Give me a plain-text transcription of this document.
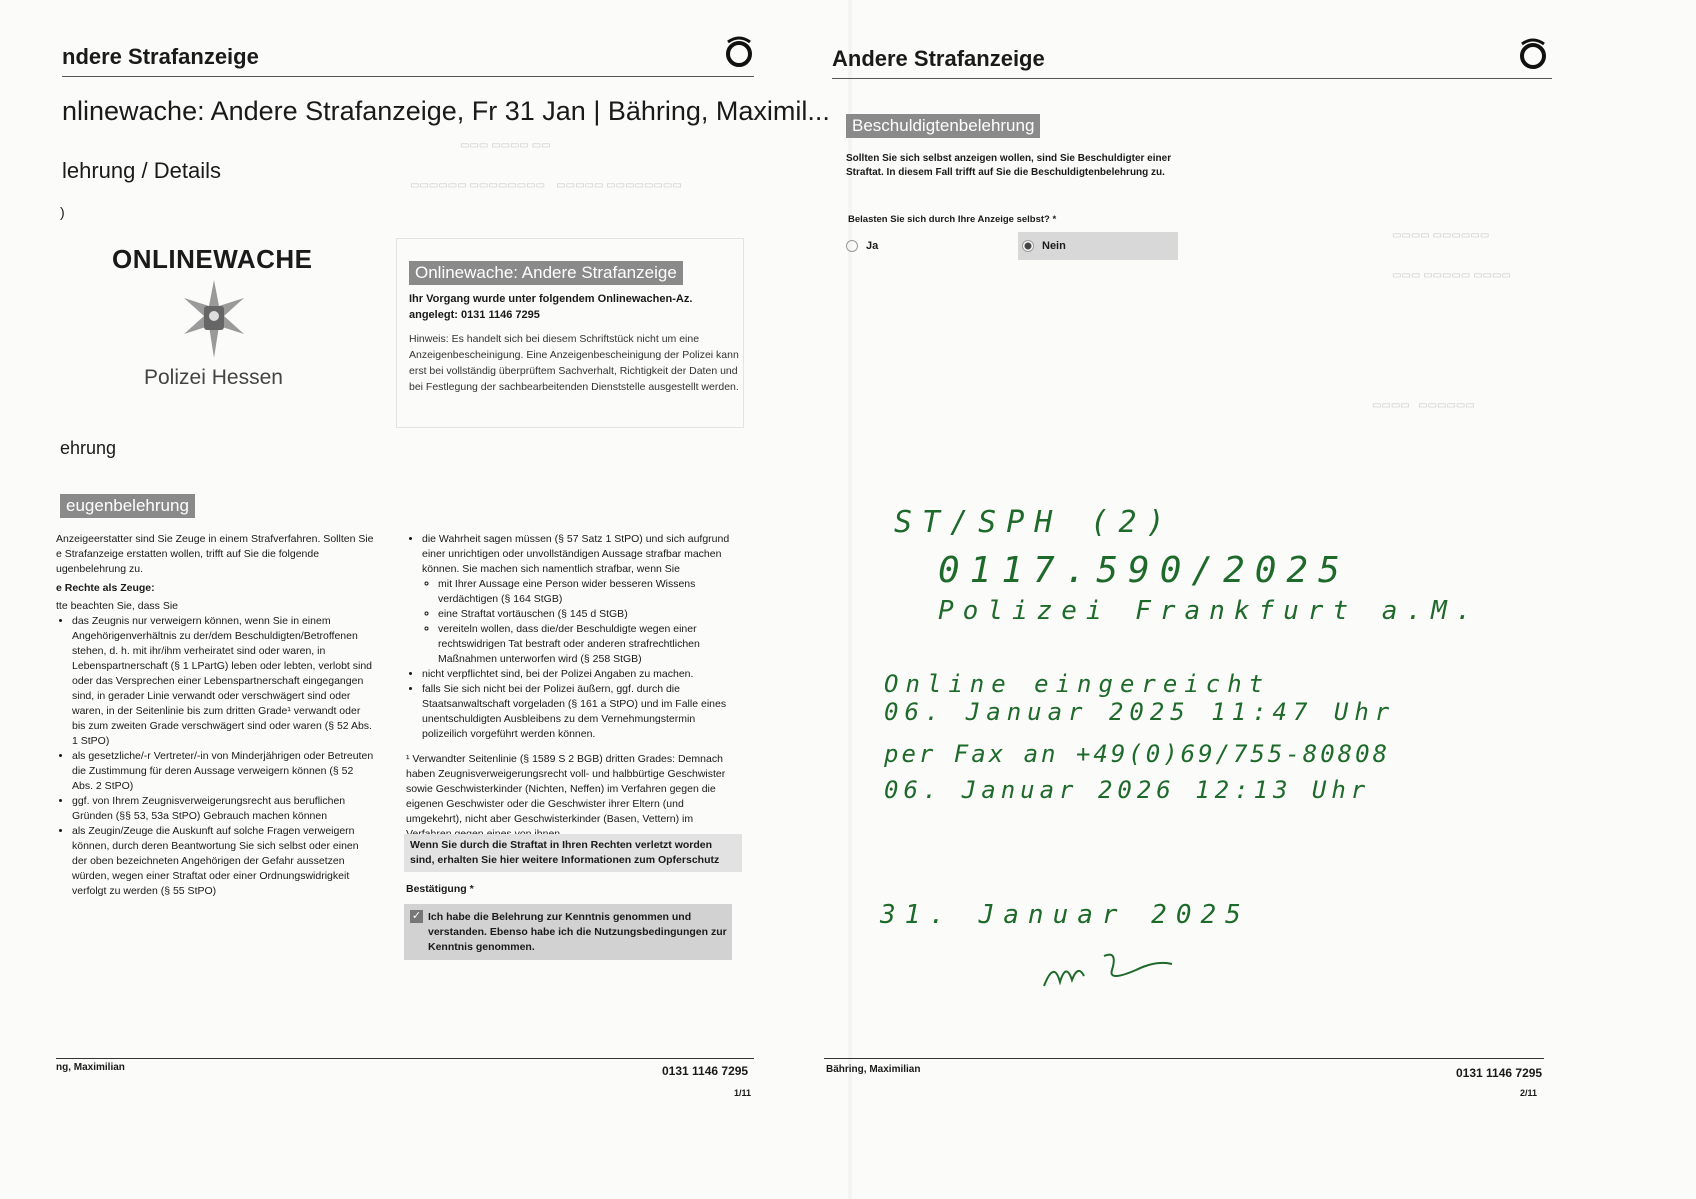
ndere Strafanzeige
nlinewache: Andere Strafanzeige, Fr 31 Jan | Bähring, Maximil...
lehrung / Details
)
▭▭▭ ▭▭▭▭ ▭▭
▭▭▭▭▭▭ ▭▭▭▭▭▭▭▭    ▭▭▭▭▭ ▭▭▭▭▭▭▭▭
ONLINEWACHE
Polizei Hessen
Onlinewache: Andere Strafanzeige
Ihr Vorgang wurde unter folgendem Onlinewachen-Az. angelegt: 0131 1146 7295
Hinweis: Es handelt sich bei diesem Schriftstück nicht um eine Anzeigenbescheinigung. Eine Anzeigenbescheinigung der Polizei kann erst bei vollständig überprüftem Sachverhalt, Richtigkeit der Daten und bei Festlegung der sachbearbeitenden Dienststelle ausgestellt werden.
ehrung
eugenbelehrung
Anzeigeerstatter sind Sie Zeuge in einem Strafverfahren. Sollten Sie e Strafanzeige erstatten wollen, trifft auf Sie die folgende ugenbelehrung zu.
e Rechte als Zeuge:
tte beachten Sie, dass Sie
• das Zeugnis nur verweigern können, wenn Sie in einem Angehörigenverhältnis zu der/dem Beschuldigten/Betroffenen stehen, d. h. mit ihr/ihm verheiratet sind oder waren, in Lebenspartnerschaft (§ 1 LPartG) leben oder lebten, verlobt sind oder das Versprechen einer Lebenspartnerschaft eingegangen sind, in gerader Linie verwandt oder verschwägert sind oder waren, in der Seitenlinie bis zum dritten Grade¹ verwandt oder bis zum zweiten Grade verschwägert sind oder waren (§ 52 Abs. 1 StPO)
• als gesetzliche/-r Vertreter/-in von Minderjährigen oder Betreuten die Zustimmung für deren Aussage verweigern können (§ 52 Abs. 2 StPO)
• ggf. von Ihrem Zeugnisverweigerungsrecht aus beruflichen Gründen (§§ 53, 53a StPO) Gebrauch machen können
• als Zeugin/Zeuge die Auskunft auf solche Fragen verweigern können, durch deren Beantwortung Sie sich selbst oder einen der oben bezeichneten Angehörigen der Gefahr aussetzen würden, wegen einer Straftat oder einer Ordnungswidrigkeit verfolgt zu werden (§ 55 StPO)
• die Wahrheit sagen müssen (§ 57 Satz 1 StPO) und sich aufgrund einer unrichtigen oder unvollständigen Aussage strafbar machen können. Sie machen sich namentlich strafbar, wenn Sie
◦ mit Ihrer Aussage eine Person wider besseren Wissens verdächtigen (§ 164 StGB)
◦ eine Straftat vortäuschen (§ 145 d StGB)
◦ vereiteln wollen, dass die/der Beschuldigte wegen einer rechtswidrigen Tat bestraft oder anderen strafrechtlichen Maßnahmen unterworfen wird (§ 258 StGB)
• nicht verpflichtet sind, bei der Polizei Angaben zu machen.
• falls Sie sich nicht bei der Polizei äußern, ggf. durch die Staatsanwaltschaft vorgeladen (§ 161 a StPO) und im Falle eines unentschuldigten Ausbleibens zu dem Vernehmungstermin polizeilich vorgeführt werden können.
¹ Verwandter Seitenlinie (§ 1589 S 2 BGB) dritten Grades: Demnach haben Zeugnisverweigerungsrecht voll- und halbbürtige Geschwister sowie Geschwisterkinder (Nichten, Neffen) im Verfahren gegen die eigenen Geschwister oder die Geschwister ihrer Eltern (und umgekehrt), nicht aber Geschwisterkinder (Basen, Vettern) im
Wenn Sie durch die Straftat in Ihren Rechten verletzt worden sind, erhalten Sie hier weitere Informationen zum Opferschutz
Bestätigung *
✓ Ich habe die Belehrung zur Kenntnis genommen und verstanden. Ebenso habe ich die Nutzungsbedingungen zur Kenntnis genommen.
ng, Maximilian	0131 1146 7295
1/11
Andere Strafanzeige
Beschuldigtenbelehrung
Sollten Sie sich selbst anzeigen wollen, sind Sie Beschuldigter einer Straftat. In diesem Fall trifft auf Sie die Beschuldigtenbelehrung zu.
Belasten Sie sich durch Ihre Anzeige selbst? *
Ja	Nein
▭▭▭▭ ▭▭▭▭▭▭
▭▭▭ ▭▭▭▭▭ ▭▭▭▭
▭▭▭▭   ▭▭▭▭▭▭
ST/SPH (2)
0117.590/2025
Polizei Frankfurt a.M.
Online eingereicht
06. Januar 2025 11:47 Uhr
per Fax an +49(0)69/755-80808
06. Januar 2026 12:13 Uhr
31. Januar 2025
Bähring, Maximilian	0131 1146 7295
2/11
